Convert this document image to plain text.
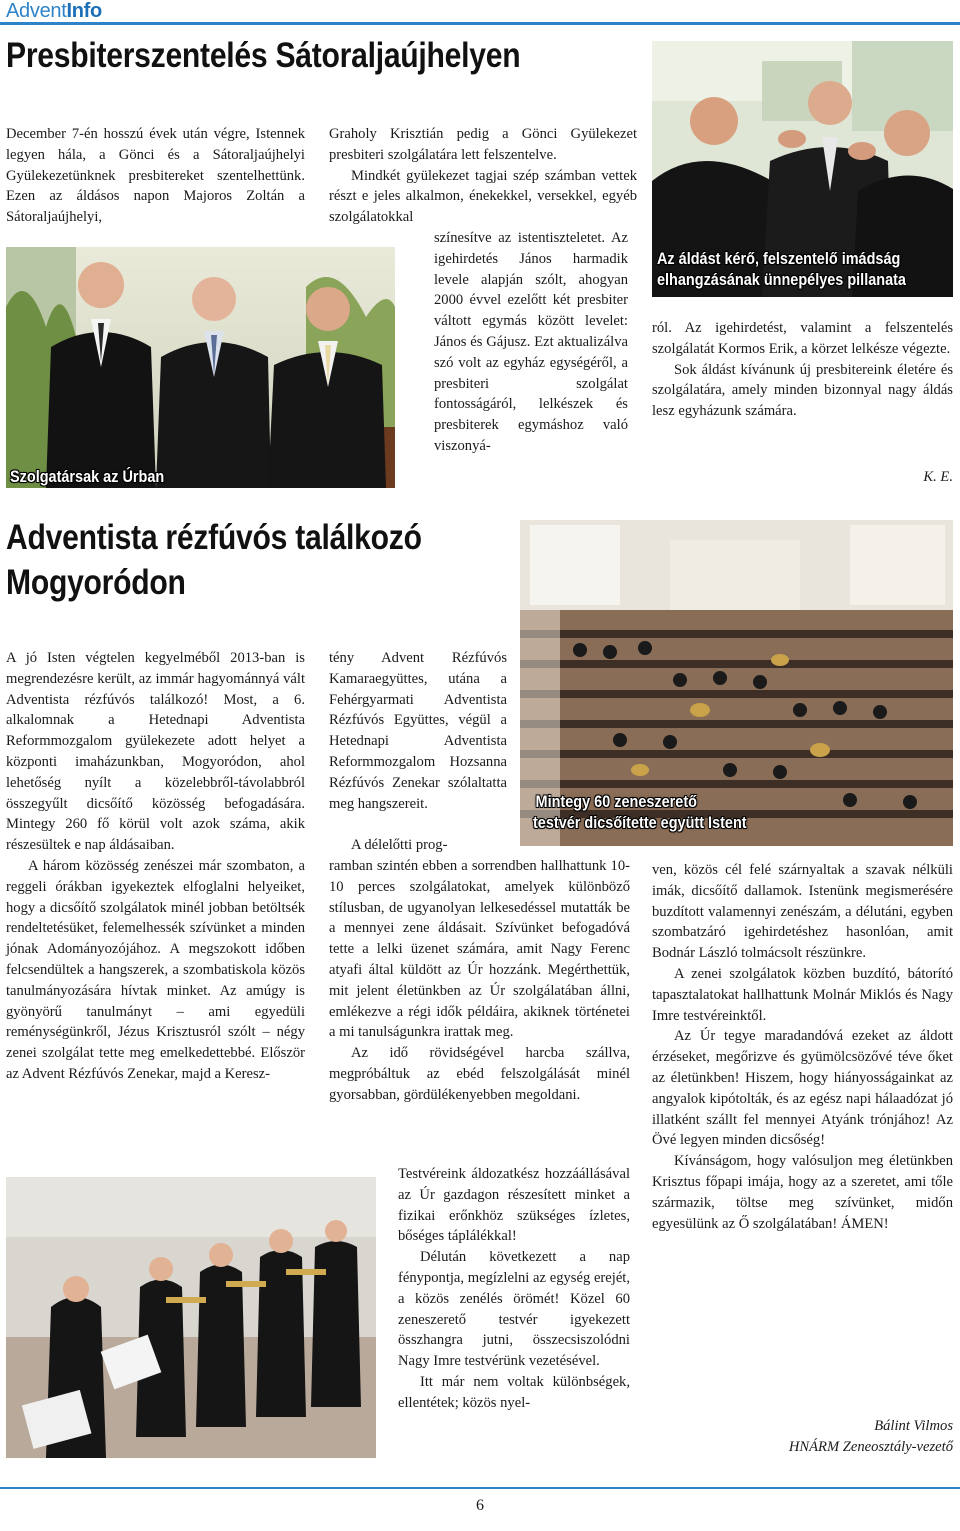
AdventInfo
Presbiterszentelés Sátoraljaújhelyen
December 7-én hosszú évek után végre, Istennek legyen hála, a Gönci és a Sátoraljaújhelyi Gyülekezetünknek presbitereket szentelhettünk. Ezen az áldásos napon Majoros Zoltán a Sátoraljaújhelyi,
Szolgatársak az Úrban

Graholy Krisztián pedig a Gönci Gyülekezet presbiteri szolgálatára lett felszentelve.

Mindkét gyülekezet tagjai szép számban vettek részt e jeles alkalmon, énekekkel, versekkel, egyéb szolgálatokkal

színesítve az istentiszteletet. Az igehirdetés János harmadik levele alapján szólt, ahogyan 2000 évvel ezelőtt két presbiter váltott egymás között levelet: János és Gájusz. Ezt aktualizálva szó volt az egyház egységéről, a presbiteri szolgálat fontosságáról, lelkészek és presbiterek egymáshoz való viszonyá-
Az áldást kérő, felszentelő imádság
elhangzásának ünnepélyes pillanata

ról. Az igehirdetést, valamint a felszentelés szolgálatát Kormos Erik, a körzet lelkésze végezte.

Sok áldást kívánunk új presbitereink életére és szolgálatára, amely minden bizonnyal nagy áldás lesz egyházunk számára.

K. E.
Adventista rézfúvós találkozó
Mogyoródon
Mintegy 60 zeneszerető
testvér dicsőítette együtt Istent

A jó Isten végtelen kegyelméből 2013-ban is megrendezésre került, az immár hagyománnyá vált Adventista rézfúvós találkozó! Most, a 6. alkalomnak a Hetednapi Adventista Reformmozgalom gyülekezete adott helyet a központi imaházunkban, Mogyoródon, ahol lehetőség nyílt a közelebbről-távolabbról összegyűlt dicsőítő közösség befogadására. Mintegy 260 fő körül volt azok száma, akik részesültek e nap áldásaiban.

A három közösség zenészei már szombaton, a reggeli órákban igyekeztek elfoglalni helyeiket, hogy a dicsőítő szolgálatok minél jobban betöltsék rendeltetésüket, felemelhessék szívünket a minden jónak Adományozójához. A megszokott időben felcsendültek a hangszerek, a szombatiskola közös tanulmányozására hívtak minket. Az amúgy is gyönyörű tanulmányt – ami egyedüli reménységünkről, Jézus Krisztusról szólt – négy zenei szolgálat tette meg emelkedettebbé. Először az Advent Rézfúvós Zenekar, majd a Keresz-

tény Advent Rézfúvós Kamaraegyüttes, utána a Fehérgyarmati Adventista Rézfúvós Együttes, végül a Hetednapi Adventista Reformmozgalom Hozsanna Rézfúvós Zenekar szólaltatta meg hangszereit.
A délelőtti prog-

ramban szintén ebben a sorrendben hallhattunk 10-10 perces szolgálatokat, amelyek különböző stílusban, de ugyanolyan lelkesedéssel mutatták be a mennyei zene áldásait. Szívünket befogadóvá tette a lelki üzenet számára, amit Nagy Ferenc atyafi által küldött az Úr hozzánk. Megérthettük, mit jelent életünkben az Úr szolgálatában állni, emlékezve a régi idők példáira, akiknek történetei a mi tanulságunkra irattak meg.

Az idő rövidségével harcba szállva, megpróbáltuk az ebéd felszolgálását minél gyorsabban, gördülékenyebben megoldani.

Testvéreink áldozatkész hozzáállásával az Úr gazdagon részesített minket a fizikai erőnkhöz szükséges ízletes, bőséges táplálékkal!

Délután következett a nap fénypontja, megízlelni az egység erejét, a közös zenélés örömét! Közel 60 zeneszerető testvér igyekezett összhangra jutni, összecsiszolódni Nagy Imre testvérünk vezetésével.

Itt már nem voltak különbségek, ellentétek; közös nyel-

ven, közös cél felé szárnyaltak a szavak nélküli imák, dicsőítő dallamok. Istenünk megismerésére buzdított valamennyi zenészám, a délutáni, egyben szombatzáró igehirdetéshez hasonlóan, amit Bodnár László tolmácsolt részünkre.

A zenei szolgálatok közben buzdító, bátorító tapasztalatokat hallhattunk Molnár Miklós és Nagy Imre testvéreinktől.

Az Úr tegye maradandóvá ezeket az áldott érzéseket, megőrizve és gyümölcsözővé téve őket az életünkben! Hiszem, hogy hiányosságainkat az angyalok kipótolták, és az egész napi hálaadózat jó illatként szállt fel mennyei Atyánk trónjához! Az Övé legyen minden dicsőség!

Kívánságom, hogy valósuljon meg életünkben Krisztus főpapi imája, hogy az a szeretet, ami tőle származik, töltse meg szívünket, midőn egyesülünk az Ő szolgálatában! ÁMEN!

Bálint Vilmos
HNÁRM Zeneosztály-vezető
6
